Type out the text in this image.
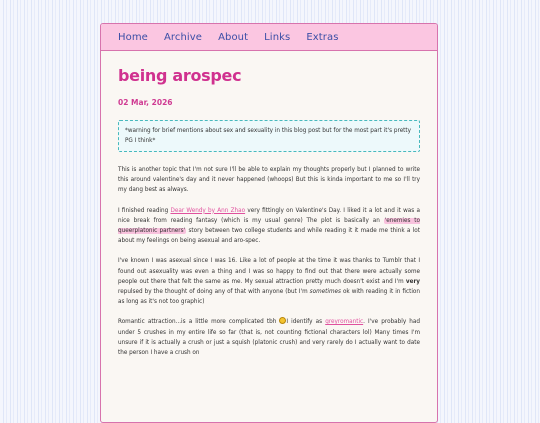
Home Archive About Links Extras
being arospec
02 Mar, 2026
*warning for brief mentions about sex and sexuality in this blog post but for the most part it's pretty PG I think*

This is another topic that I'm not sure I'll be able to explain my thoughts properly but I planned to write this around valentine's day and it never happened (whoops) But this is kinda important to me so I'll try my dang best as always.

I finished reading Dear Wendy by Ann Zhao very fittingly on Valentine's Day. I liked it a lot and it was a nice break from reading fantasy (which is my usual genre) The plot is basically an 'enemies to queerplatonic partners' story between two college students and while reading it it made me think a lot about my feelings on being asexual and aro-spec.

I've known I was asexual since I was 16. Like a lot of people at the time it was thanks to Tumblr that I found out asexuality was even a thing and I was so happy to find out that there were actually some people out there that felt the same as me. My sexual attraction pretty much doesn't exist and I'm very repulsed by the thought of doing any of that with anyone (but I'm sometimes ok with reading it in fiction as long as it's not too graphic)

Romantic attraction...is a little more complicated tbh I identify as greyromantic. I've probably had under 5 crushes in my entire life so far (that is, not counting fictional characters lol) Many times I'm unsure if it is actually a crush or just a squish (platonic crush) and very rarely do I actually want to date the person I have a crush on
